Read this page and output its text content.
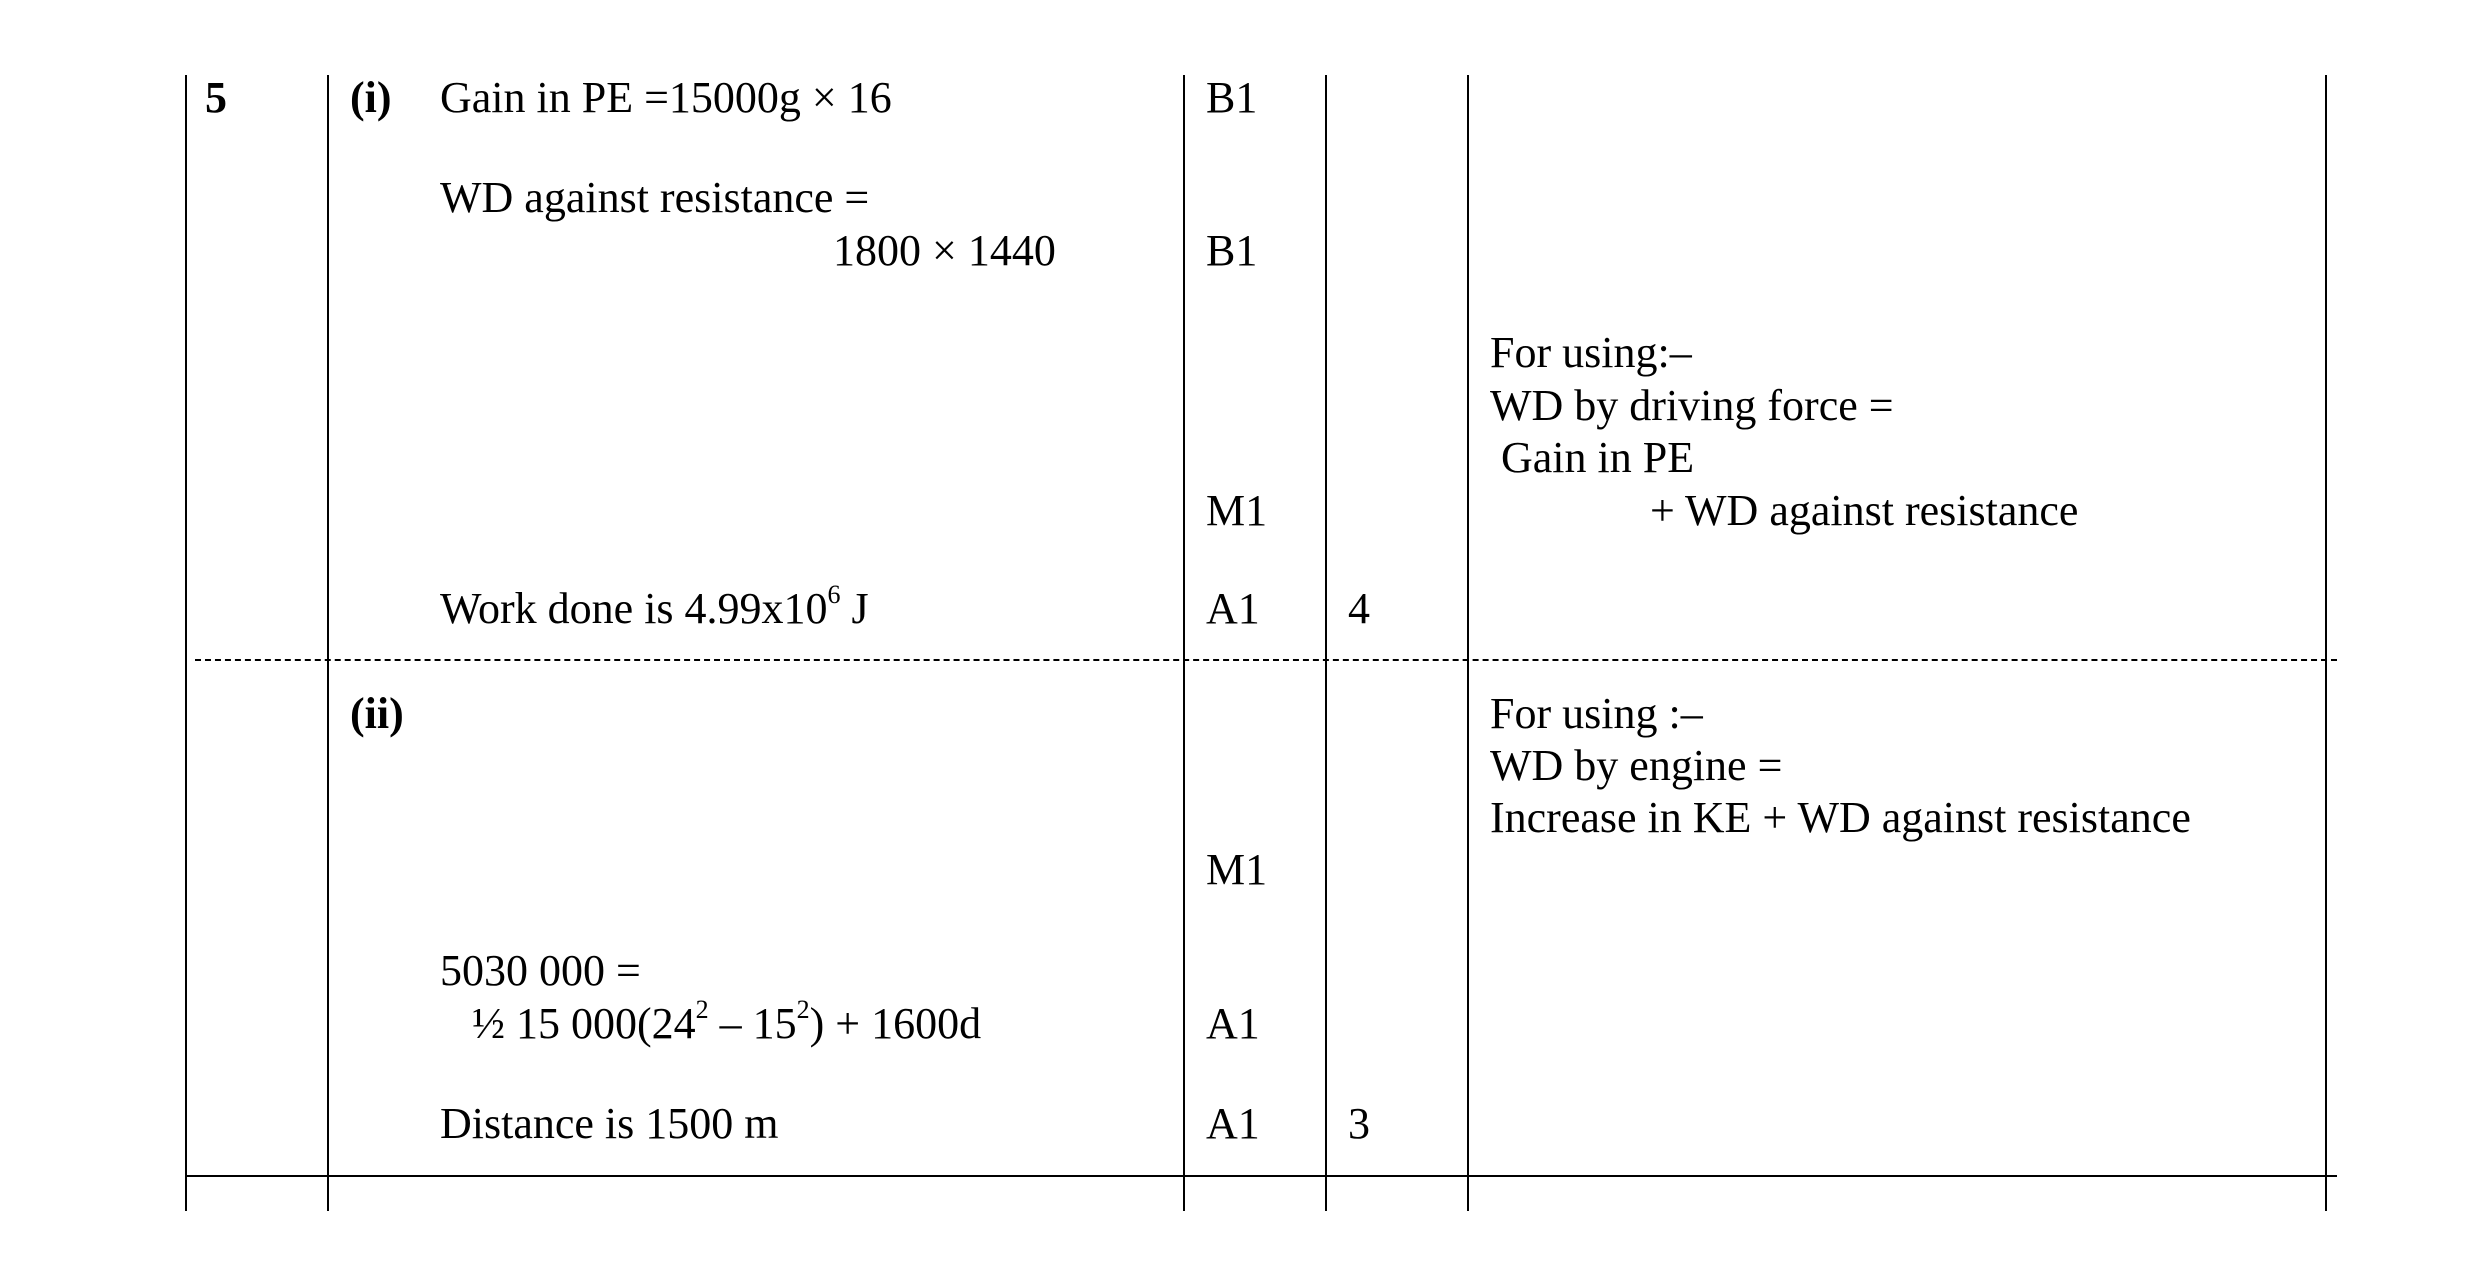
5	(i) Gain in PE =15000g × 16
WD against resistance =
1800 × 1440
Work done is $4.99x10^6$ J
B1
B1
M1
A1 4
For using:–
WD by driving force =
Gain in PE
+ WD against resistance
(ii)
5030 000 =
½ 15 $000(24^2 - 15^2) + 1600d$
Distance is 1500 m
M1
A1
A1 3
For using :–
WD by engine =
Increase in KE + WD against resistance
